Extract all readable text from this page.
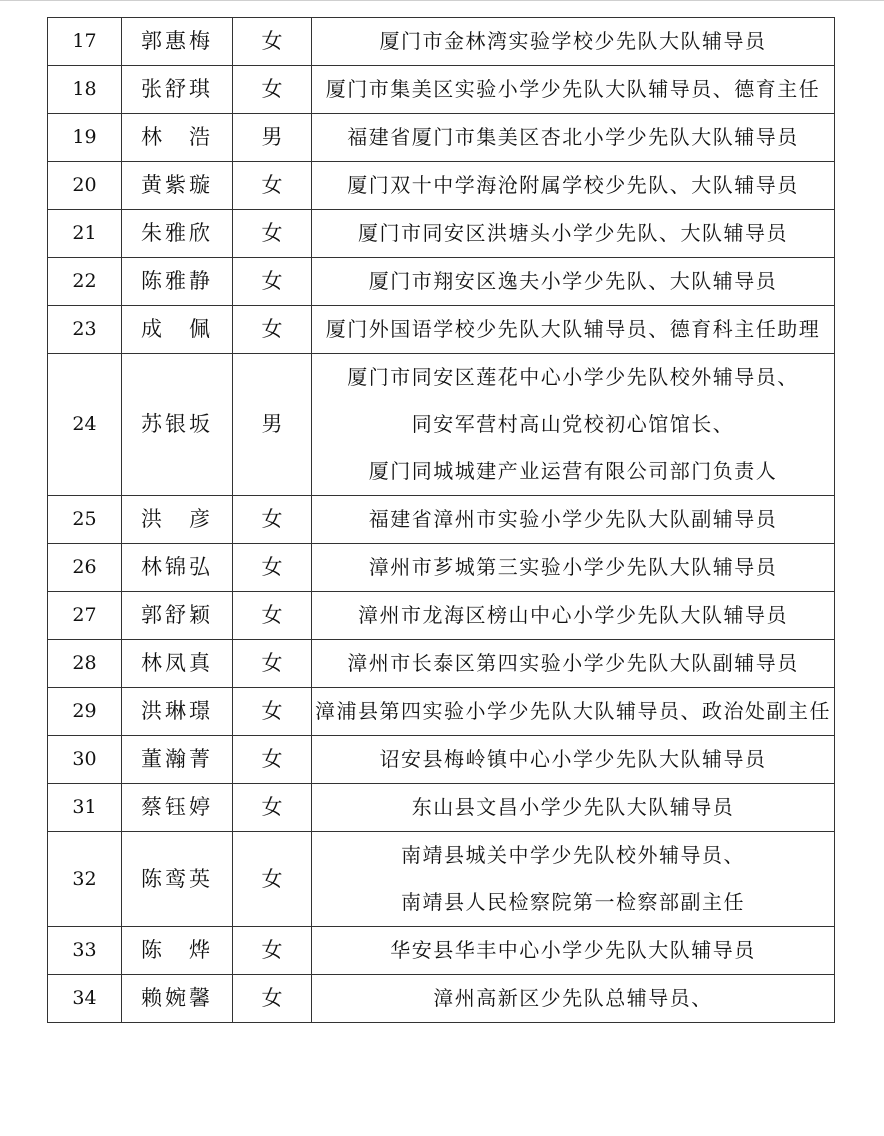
17	郭惠梅	女	厦门市金林湾实验学校少先队大队辅导员

18	张舒琪	女	厦门市集美区实验小学少先队大队辅导员、德育主任

19	林　浩	男	福建省厦门市集美区杏北小学少先队大队辅导员

20	黄紫璇	女	厦门双十中学海沧附属学校少先队、大队辅导员

21	朱雅欣	女	厦门市同安区洪塘头小学少先队、大队辅导员

22	陈雅静	女	厦门市翔安区逸夫小学少先队、大队辅导员

23	成　佩	女	厦门外国语学校少先队大队辅导员、德育科主任助理

24	苏银坂	男	厦门市同安区莲花中心小学少先队校外辅导员、
同安军营村高山党校初心馆馆长、
厦门同城城建产业运营有限公司部门负责人

25	洪　彦	女	福建省漳州市实验小学少先队大队副辅导员

26	林锦弘	女	漳州市芗城第三实验小学少先队大队辅导员

27	郭舒颖	女	漳州市龙海区榜山中心小学少先队大队辅导员

28	林凤真	女	漳州市长泰区第四实验小学少先队大队副辅导员

29	洪琳璟	女	漳浦县第四实验小学少先队大队辅导员、政治处副主任

30	董瀚菁	女	诏安县梅岭镇中心小学少先队大队辅导员

31	蔡钰婷	女	东山县文昌小学少先队大队辅导员

32	陈鸾英	女	南靖县城关中学少先队校外辅导员、
南靖县人民检察院第一检察部副主任

33	陈　烨	女	华安县华丰中心小学少先队大队辅导员

34	赖婉馨	女	漳州高新区少先队总辅导员、
